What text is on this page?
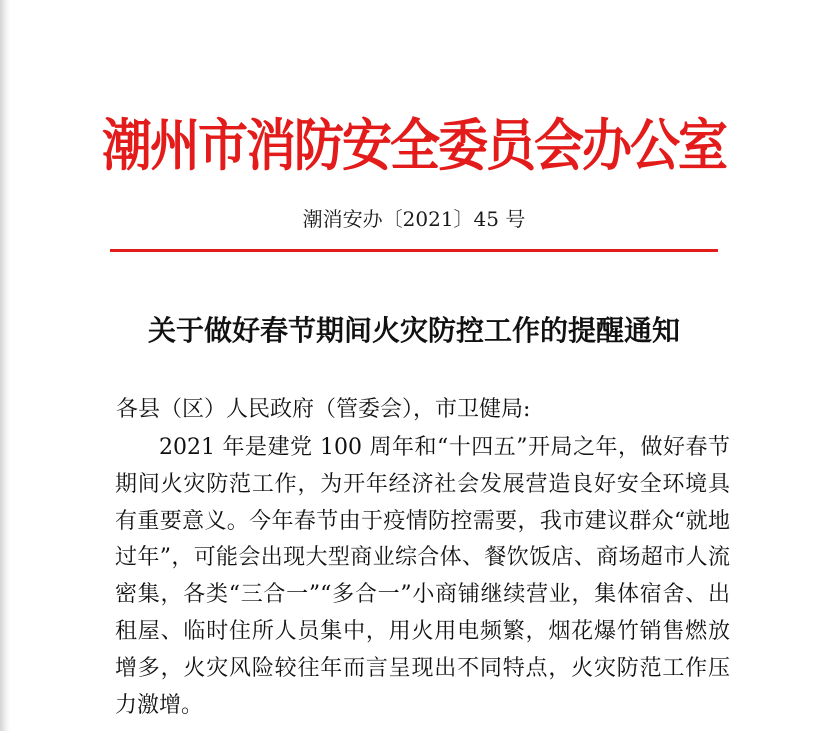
潮州市消防安全委员会办公室
潮消安办〔2021〕45 号
关于做好春节期间火灾防控工作的提醒通知
各县（区）人民政府（管委会），市卫健局:

2021 年是建党 100 周年和“十四五”开局之年，做好春节期间火灾防范工作，为开年经济社会发展营造良好安全环境具有重要意义。今年春节由于疫情防控需要，我市建议群众“就地过年”，可能会出现大型商业综合体、餐饮饭店、商场超市人流密集，各类“三合一”“多合一”小商铺继续营业，集体宿舍、出租屋、临时住所人员集中，用火用电频繁，烟花爆竹销售燃放增多，火灾风险较往年而言呈现出不同特点，火灾防范工作压力激增。
